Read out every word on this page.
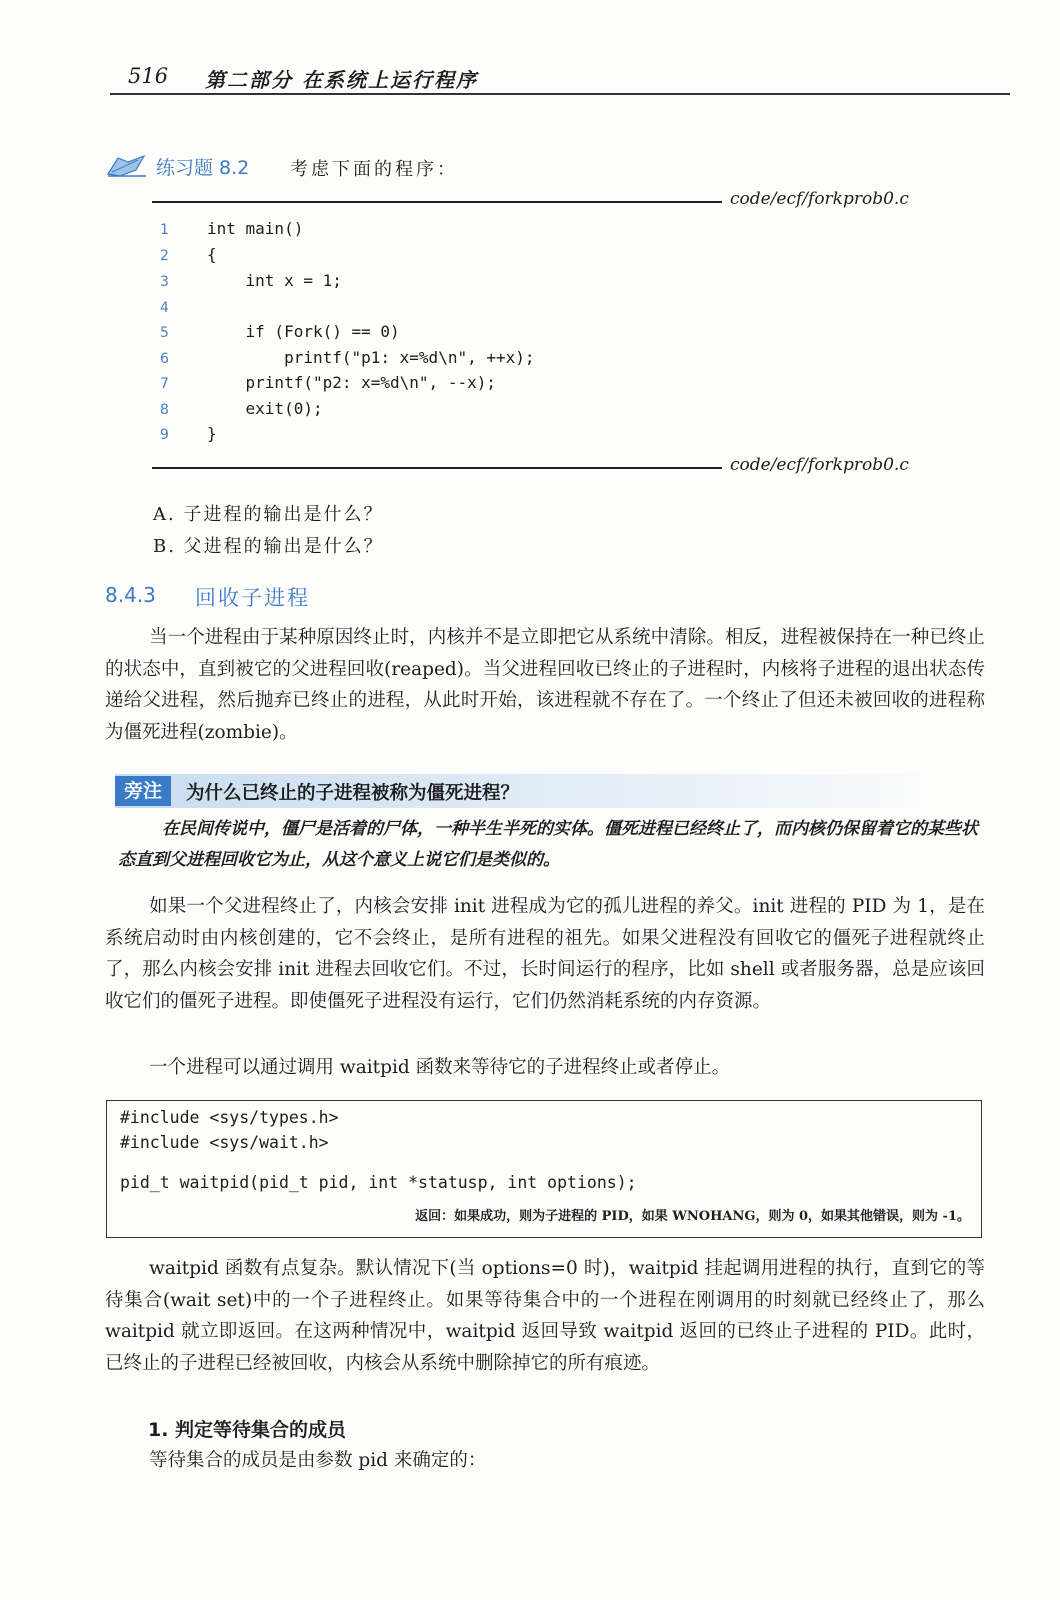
516 第二部分 在系统上运行程序
练习题 8.2 考虑下面的程序：
code/ecf/forkprob0.c
1 int main()
2 {
3 int x = 1;
4
5 if (Fork() == 0)
6 printf("p1: x=%d\n", ++x);
7 printf("p2: x=%d\n", --x);
8 exit(0);
9 }
code/ecf/forkprob0.c
A. 子进程的输出是什么？
B. 父进程的输出是什么？
8.4.3 回收子进程
当一个进程由于某种原因终止时，内核并不是立即把它从系统中清除。相反，进程被保持在一种已终止的状态中，直到被它的父进程回收(reaped)。当父进程回收已终止的子进程时，内核将子进程的退出状态传递给父进程，然后抛弃已终止的进程，从此时开始，该进程就不存在了。一个终止了但还未被回收的进程称为僵死进程(zombie)。
旁注	为什么已终止的子进程被称为僵死进程？
在民间传说中，僵尸是活着的尸体，一种半生半死的实体。僵死进程已经终止了，而内核仍保留着它的某些状态直到父进程回收它为止，从这个意义上说它们是类似的。
如果一个父进程终止了，内核会安排 init 进程成为它的孤儿进程的养父。init 进程的 PID 为 1，是在系统启动时由内核创建的，它不会终止，是所有进程的祖先。如果父进程没有回收它的僵死子进程就终止了，那么内核会安排 init 进程去回收它们。不过，长时间运行的程序，比如 shell 或者服务器，总是应该回收它们的僵死子进程。即使僵死子进程没有运行，它们仍然消耗系统的内存资源。
一个进程可以通过调用 waitpid 函数来等待它的子进程终止或者停止。
#include <sys/types.h>
#include <sys/wait.h>
pid_t waitpid(pid_t pid, int *statusp, int options);
返回：如果成功，则为子进程的 PID，如果 WNOHANG，则为 0，如果其他错误，则为 -1。
waitpid 函数有点复杂。默认情况下(当 options=0 时)，waitpid 挂起调用进程的执行，直到它的等待集合(wait set)中的一个子进程终止。如果等待集合中的一个进程在刚调用的时刻就已经终止了，那么 waitpid 就立即返回。在这两种情况中，waitpid 返回导致 waitpid 返回的已终止子进程的 PID。此时，已终止的子进程已经被回收，内核会从系统中删除掉它的所有痕迹。
1. 判定等待集合的成员
等待集合的成员是由参数 pid 来确定的：
